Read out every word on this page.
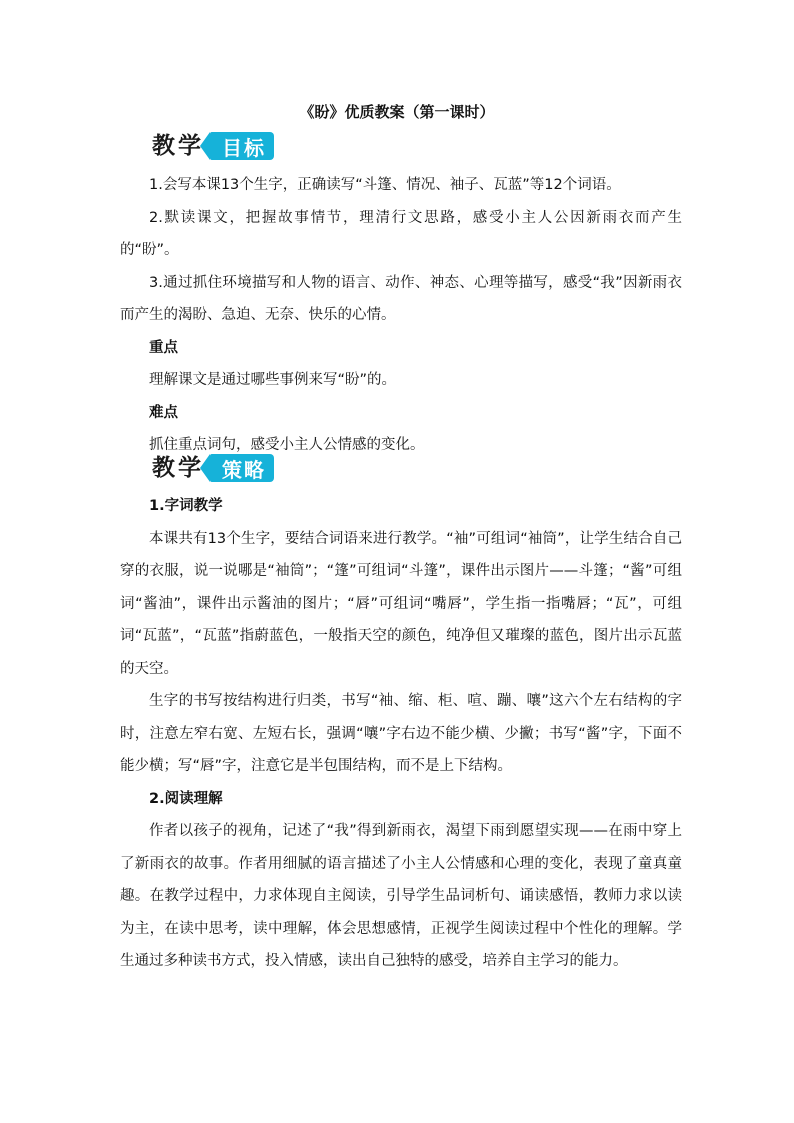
《盼》优质教案（第一课时）
教学 目标

1.会写本课13个生字，正确读写“斗篷、情况、袖子、瓦蓝”等12个词语。

2.默读课文，把握故事情节，理清行文思路，感受小主人公因新雨衣而产生的“盼”。

3.通过抓住环境描写和人物的语言、动作、神态、心理等描写，感受“我”因新雨衣而产生的渴盼、急迫、无奈、快乐的心情。

重点

理解课文是通过哪些事例来写“盼”的。

难点

抓住重点词句，感受小主人公情感的变化。

教学 策略

1.字词教学

本课共有13个生字，要结合词语来进行教学。“袖”可组词“袖筒”，让学生结合自己穿的衣服，说一说哪是“袖筒”；“篷”可组词“斗篷”，课件出示图片——斗篷；“酱”可组词“酱油”，课件出示酱油的图片；“唇”可组词“嘴唇”，学生指一指嘴唇；“瓦”，可组词“瓦蓝”，“瓦蓝”指蔚蓝色，一般指天空的颜色，纯净但又璀璨的蓝色，图片出示瓦蓝的天空。

生字的书写按结构进行归类，书写“袖、缩、柜、喧、蹦、嚷”这六个左右结构的字时，注意左窄右宽、左短右长，强调“嚷”字右边不能少横、少撇；书写“酱”字，下面不能少横；写“唇”字，注意它是半包围结构，而不是上下结构。

2.阅读理解

作者以孩子的视角，记述了“我”得到新雨衣，渴望下雨到愿望实现——在雨中穿上了新雨衣的故事。作者用细腻的语言描述了小主人公情感和心理的变化，表现了童真童趣。在教学过程中，力求体现自主阅读，引导学生品词析句、诵读感悟，教师力求以读为主，在读中思考，读中理解，体会思想感情，正视学生阅读过程中个性化的理解。学生通过多种读书方式，投入情感，读出自己独特的感受，培养自主学习的能力。
